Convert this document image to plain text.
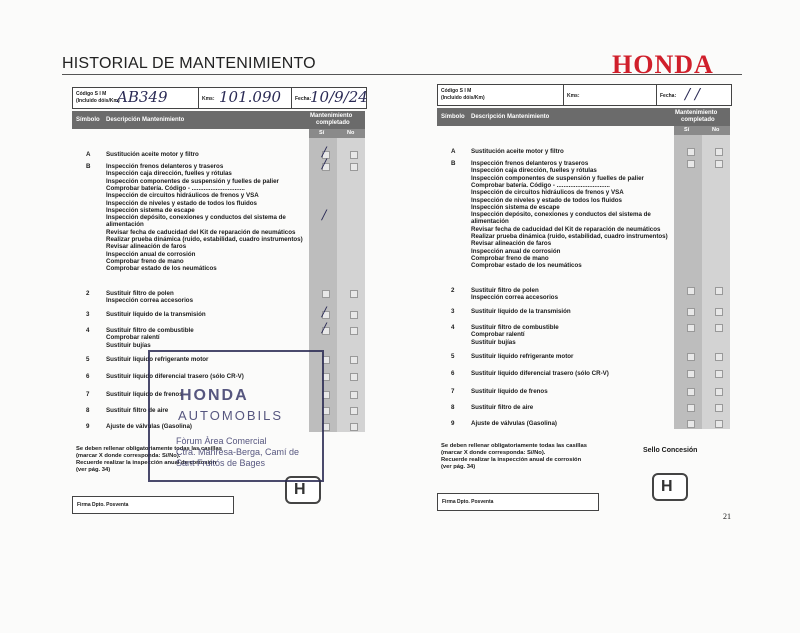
HISTORIAL DE MANTENIMIENTO	HONDA
Código S I M
(Incluido dóis/Km)
AB349	Kms: 101.090	Fecha:
10/9/24
Símbolo Descripción Mantenimiento
Mantenimiento
completado
Sí	No
A	Sustitución aceite motor y filtro	/
B	Inspección frenos delanteros y traseros
Inspección caja dirección, fuelles y rótulas
Inspección componentes de suspensión y fuelles de palier
Comprobar batería. Código - ...............................
Inspección de circuitos hidráulicos de frenos y VSA
Inspección de niveles y estado de todos los fluidos
Inspección sistema de escape
Inspección depósito, conexiones y conductos del sistema de
alimentación
Revisar fecha de caducidad del Kit de reparación de neumáticos
Realizar prueba dinámica (ruido, estabilidad, cuadro instrumentos)
Revisar alineación de faros
Inspección anual de corrosión
Comprobar freno de mano
Comprobar estado de los neumáticos
/
2	Sustituir filtro de polen
Inspección correa accesorios
3	Sustituir líquido de la transmisión	/
4	Sustituir filtro de combustible
Comprobar ralentí
Sustituir bujías
/
5	Sustituir líquido refrigerante motor
6	Sustituir líquido diferencial trasero (sólo CR-V)
7	Sustituir líquido de frenos
8	Sustituir filtro de aire
9	Ajuste de válvulas (Gasolina)
/
Se deben rellenar obligatoriamente todas las casillas
(marcar X donde corresponda: Sí/No).
Recuerde realizar la inspección anual de corrosión
(ver pág. 34)
Firma Dpto. Posventa
H
HONDA
AUTOMOBILS
Fòrum Àrea Comercial
Ctra. Manresa-Berga, Camí de
Sant Fruitós de Bages
Código S I M
(Incluido dóis/Km)	Kms:	Fecha: / /
Símbolo Descripción Mantenimiento
Mantenimiento
completado
Sí	No
A	Sustitución aceite motor y filtro
B	Inspección frenos delanteros y traseros
Inspección caja dirección, fuelles y rótulas
Inspección componentes de suspensión y fuelles de palier
Comprobar batería. Código - ...............................
Inspección de circuitos hidráulicos de frenos y VSA
Inspección de niveles y estado de todos los fluidos
Inspección sistema de escape
Inspección depósito, conexiones y conductos del sistema de
alimentación
Revisar fecha de caducidad del Kit de reparación de neumáticos
Realizar prueba dinámica (ruido, estabilidad, cuadro instrumentos)
Revisar alineación de faros
Inspección anual de corrosión
Comprobar freno de mano
Comprobar estado de los neumáticos
2	Sustituir filtro de polen
Inspección correa accesorios
3	Sustituir líquido de la transmisión
4	Sustituir filtro de combustible
Comprobar ralentí
Sustituir bujías
5	Sustituir líquido refrigerante motor
6	Sustituir líquido diferencial trasero (sólo CR-V)
7	Sustituir líquido de frenos
8	Sustituir filtro de aire
9	Ajuste de válvulas (Gasolina)
Se deben rellenar obligatoriamente todas las casillas
(marcar X donde corresponda: Sí/No).
Recuerde realizar la inspección anual de corrosión
(ver pág. 34)
Sello Concesión
Firma Dpto. Posventa
H
21
